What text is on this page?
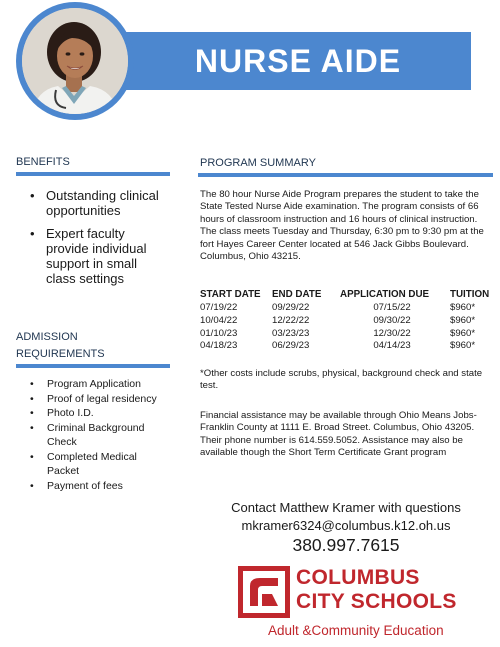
NURSE AIDE
BENEFITS
• Outstanding clinical opportunities
• Expert faculty provide individual support in small class settings
ADMISSION
REQUIREMENTS
• Program Application
• Proof of legal residency
• Photo I.D.
• Criminal Background Check
• Completed Medical Packet
• Payment of fees
PROGRAM SUMMARY

The 80 hour Nurse Aide Program prepares the student to take the State Tested Nurse Aide examination. The program consists of 66 hours of classroom instruction and 16 hours of clinical instruction. The class meets Tuesday and Thursday, 6:30 pm to 9:30 pm at the fort Hayes Career Center located at 546 Jack Gibbs Boulevard. Columbus, Ohio 43215.

START DATE	END DATE	APPLICATION DUE	TUITION
07/19/22	09/29/22	07/15/22	$960*
10/04/22	12/22/22	09/30/22	$960*
01/10/23	03/23/23	12/30/22	$960*
04/18/23	06/29/23	04/14/23	$960*

*Other costs include scrubs, physical, background check and state test.

Financial assistance may be available through Ohio Means Jobs-Franklin County at 1111 E. Broad Street. Columbus, Ohio 43205. Their phone number is 614.559.5052. Assistance may also be available though the Short Term Certificate Grant program

Contact Matthew Kramer with questions
mkramer6324@columbus.k12.oh.us
380.997.7615
COLUMBUS
CITY SCHOOLS
Adult &Community Education
